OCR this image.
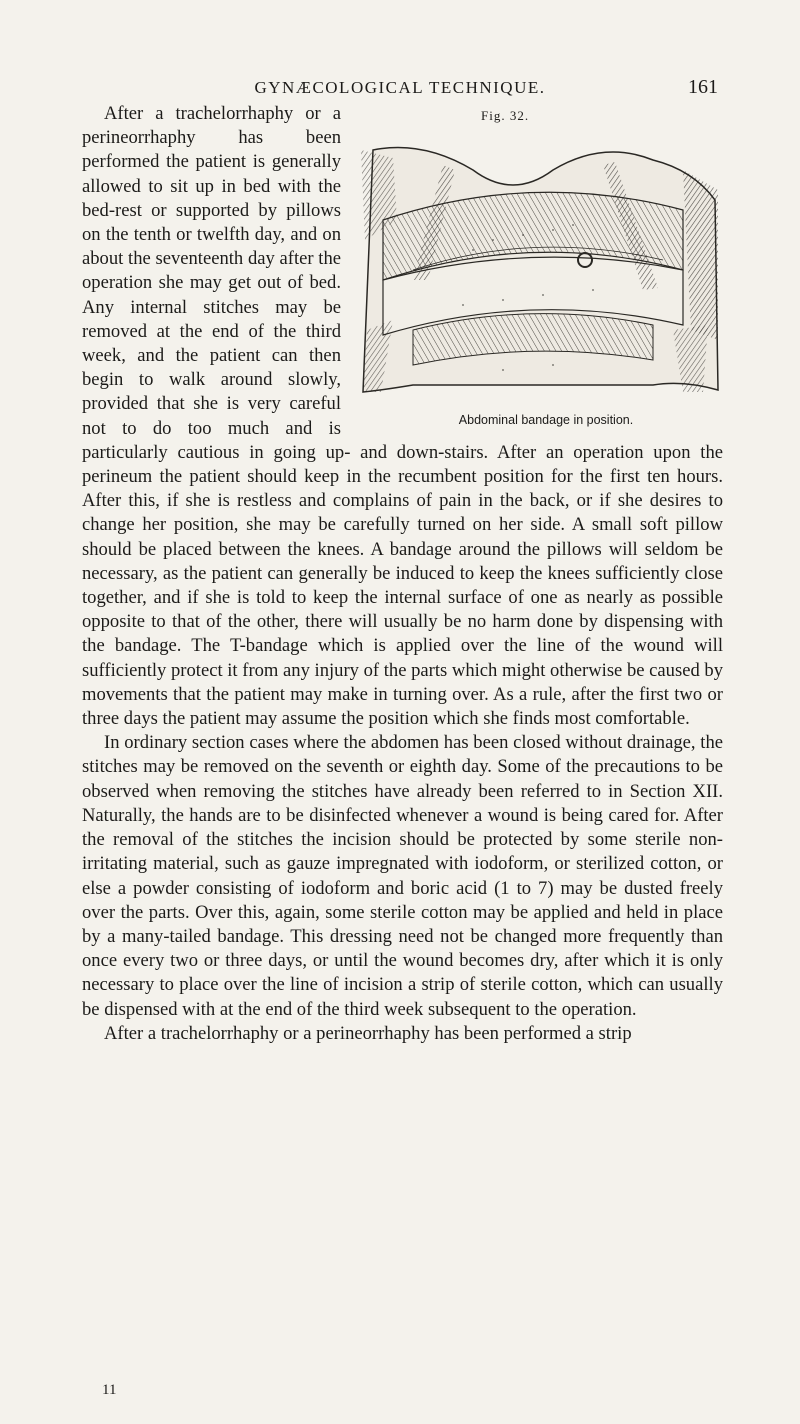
GYNÆCOLOGICAL TECHNIQUE.	161
Fig. 32.
Abdominal bandage in position.

After a trachelorrhaphy or a perineorrhaphy has been performed the patient is generally allowed to sit up in bed with the bed-rest or supported by pillows on the tenth or twelfth day, and on about the seventeenth day after the operation she may get out of bed. Any internal stitches may be removed at the end of the third week, and the patient can then begin to walk around slowly, provided that she is very careful not to do too much and is particularly cautious in going up- and down-stairs. After an operation upon the perineum the patient should keep in the recumbent position for the first ten hours. After this, if she is restless and complains of pain in the back, or if she desires to change her position, she may be carefully turned on her side. A small soft pillow should be placed between the knees. A bandage around the pillows will seldom be necessary, as the patient can generally be induced to keep the knees sufficiently close together, and if she is told to keep the internal surface of one as nearly as possible opposite to that of the other, there will usually be no harm done by dispensing with the bandage. The T-bandage which is applied over the line of the wound will sufficiently protect it from any injury of the parts which might otherwise be caused by movements that the patient may make in turning over. As a rule, after the first two or three days the patient may assume the position which she finds most comfortable.

In ordinary section cases where the abdomen has been closed without drainage, the stitches may be removed on the seventh or eighth day. Some of the precautions to be observed when removing the stitches have already been referred to in Section XII. Naturally, the hands are to be disinfected whenever a wound is being cared for. After the removal of the stitches the incision should be protected by some sterile non-irritating material, such as gauze impregnated with iodoform, or sterilized cotton, or else a powder consisting of iodoform and boric acid (1 to 7) may be dusted freely over the parts. Over this, again, some sterile cotton may be applied and held in place by a many-tailed bandage. This dressing need not be changed more frequently than once every two or three days, or until the wound becomes dry, after which it is only necessary to place over the line of incision a strip of sterile cotton, which can usually be dispensed with at the end of the third week subsequent to the operation.

After a trachelorrhaphy or a perineorrhaphy has been performed a strip

11
